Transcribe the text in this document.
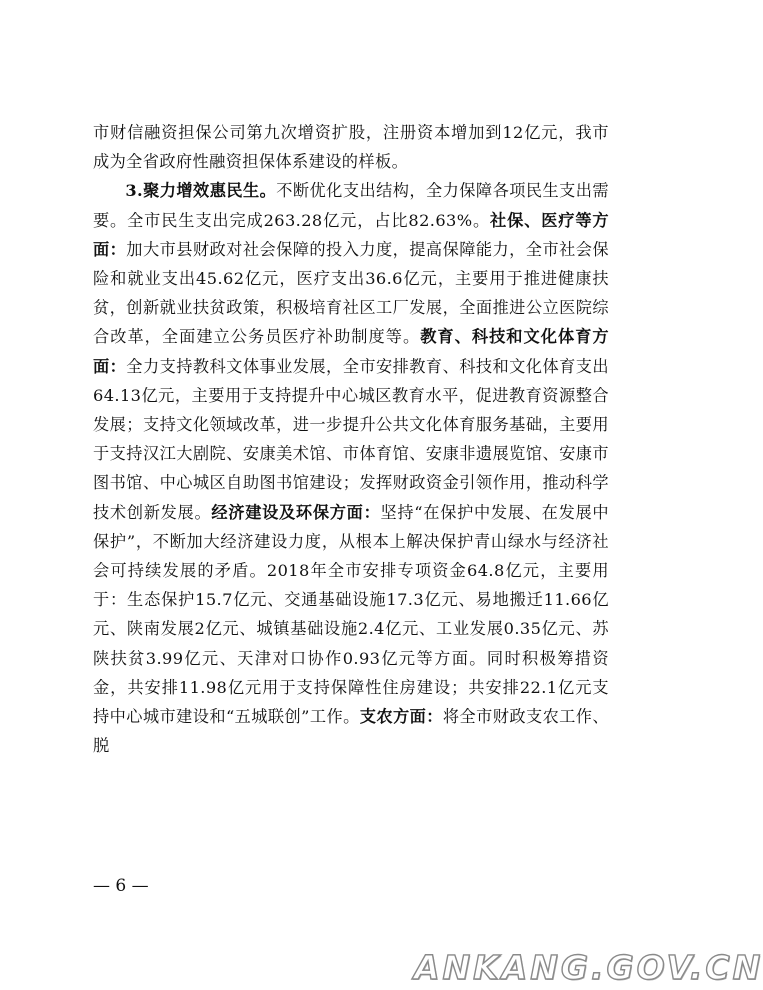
市财信融资担保公司第九次增资扩股，注册资本增加到12亿元，我市成为全省政府性融资担保体系建设的样板。

3.聚力增效惠民生。不断优化支出结构，全力保障各项民生支出需要。全市民生支出完成263.28亿元，占比82.63%。社保、医疗等方面：加大市县财政对社会保障的投入力度，提高保障能力，全市社会保险和就业支出45.62亿元，医疗支出36.6亿元，主要用于推进健康扶贫，创新就业扶贫政策，积极培育社区工厂发展，全面推进公立医院综合改革，全面建立公务员医疗补助制度等。教育、科技和文化体育方面：全力支持教科文体事业发展，全市安排教育、科技和文化体育支出64.13亿元，主要用于支持提升中心城区教育水平，促进教育资源整合发展；支持文化领域改革，进一步提升公共文化体育服务基础，主要用于支持汉江大剧院、安康美术馆、市体育馆、安康非遗展览馆、安康市图书馆、中心城区自助图书馆建设；发挥财政资金引领作用，推动科学技术创新发展。经济建设及环保方面：坚持“在保护中发展、在发展中保护”，不断加大经济建设力度，从根本上解决保护青山绿水与经济社会可持续发展的矛盾。2018年全市安排专项资金64.8亿元，主要用于：生态保护15.7亿元、交通基础设施17.3亿元、易地搬迁11.66亿元、陕南发展2亿元、城镇基础设施2.4亿元、工业发展0.35亿元、苏陕扶贫3.99亿元、天津对口协作0.93亿元等方面。同时积极筹措资金，共安排11.98亿元用于支持保障性住房建设；共安排22.1亿元支持中心城市建设和“五城联创”工作。支农方面：将全市财政支农工作、脱

— 6 —
ANKANG.GOV.CN
